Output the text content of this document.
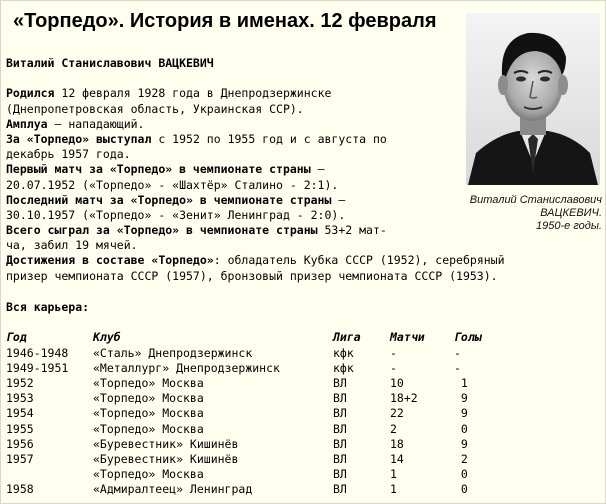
«Торпедо». История в именах. 12 февраля
Виталий Станиславович
ВАЦКЕВИЧ.
1950-е годы.
Виталий Станиславович ВАЦКЕВИЧ
Родился 12 февраля 1928 года в Днепродзержинске
(Днепропетровская область, Украинская ССР).
Амплуа – нападающий.
За «Торпедо» выступал с 1952 по 1955 год и с августа по
декабрь 1957 года.
Первый матч за «Торпедо» в чемпионате страны –
20.07.1952 («Торпедо» - «Шахтёр» Сталино - 2:1).
Последний матч за «Торпедо» в чемпионате страны –
30.10.1957 («Торпедо» - «Зенит» Ленинград - 2:0).
Всего сыграл за «Торпедо» в чемпионате страны 53+2 мат-
ча, забил 19 мячей.
Достижения в составе «Торпедо»: обладатель Кубка СССР (1952), серебряный
призер чемпионата СССР (1957), бронзовый призер чемпионата СССР (1953).
Вся карьера:
Год	Клуб	Лига	Матчи	Голы
1946-1948	«Сталь» Днепродзержинск	кфк	-	-
1949-1951	«Металлург» Днепродзержинск	кфк	-	-
1952	«Торпедо» Москва	ВЛ	10	1
1953	«Торпедо» Москва	ВЛ	18+2	9
1954	«Торпедо» Москва	ВЛ	22	9
1955	«Торпедо» Москва	ВЛ	2	0
1956	«Буревестник» Кишинёв	ВЛ	18	9
1957	«Буревестник» Кишинёв	ВЛ	14	2
	«Торпедо» Москва	ВЛ	1	0
1958	«Адмиралтеец» Ленинград	ВЛ	1	0
